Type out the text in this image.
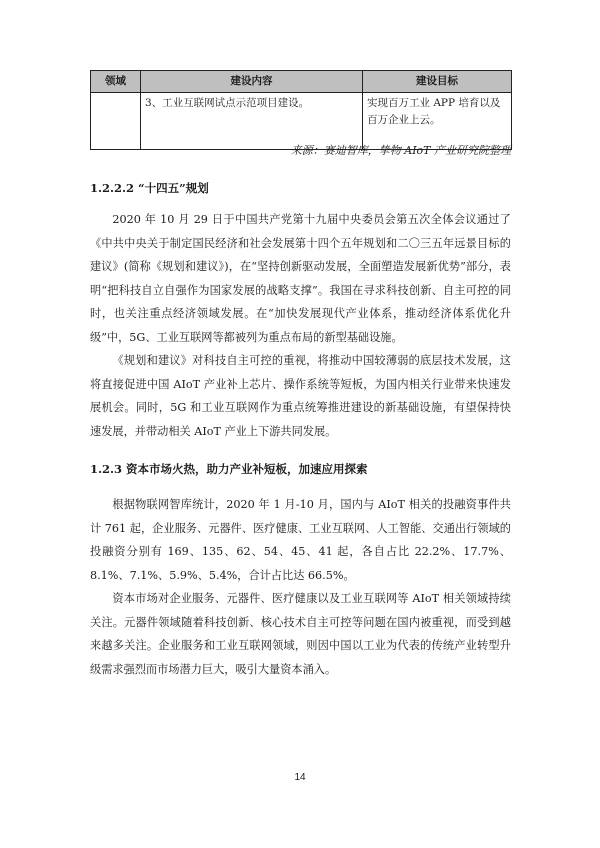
领域	建设内容	建设目标
	3、工业互联网试点示范项目建设。	实现百万工业 APP 培育以及百万企业上云。
来源：赛迪智库，挚物 AIoT 产业研究院整理
1.2.2.2 “十四五”规划

2020 年 10 月 29 日于中国共产党第十九届中央委员会第五次全体会议通过了《中共中央关于制定国民经济和社会发展第十四个五年规划和二〇三五年远景目标的建议》(简称《规划和建议》)，在“坚持创新驱动发展，全面塑造发展新优势”部分，表明“把科技自立自强作为国家发展的战略支撑”。我国在寻求科技创新、自主可控的同时，也关注重点经济领域发展。在“加快发展现代产业体系，推动经济体系优化升级”中，5G、工业互联网等都被列为重点布局的新型基础设施。

《规划和建议》对科技自主可控的重视，将推动中国较薄弱的底层技术发展，这将直接促进中国 AIoT 产业补上芯片、操作系统等短板，为国内相关行业带来快速发展机会。同时，5G 和工业互联网作为重点统筹推进建设的新基础设施，有望保持快速发展，并带动相关 AIoT 产业上下游共同发展。

1.2.3 资本市场火热，助力产业补短板，加速应用探索

根据物联网智库统计，2020 年 1 月-10 月，国内与 AIoT 相关的投融资事件共计 761 起，企业服务、元器件、医疗健康、工业互联网、人工智能、交通出行领域的投融资分别有 169、135、62、54、45、41 起，各自占比 22.2%、17.7%、8.1%、7.1%、5.9%、5.4%，合计占比达 66.5%。

资本市场对企业服务、元器件、医疗健康以及工业互联网等 AIoT 相关领域持续关注。元器件领域随着科技创新、核心技术自主可控等问题在国内被重视，而受到越来越多关注。企业服务和工业互联网领域，则因中国以工业为代表的传统产业转型升级需求强烈而市场潜力巨大，吸引大量资本涌入。

14
